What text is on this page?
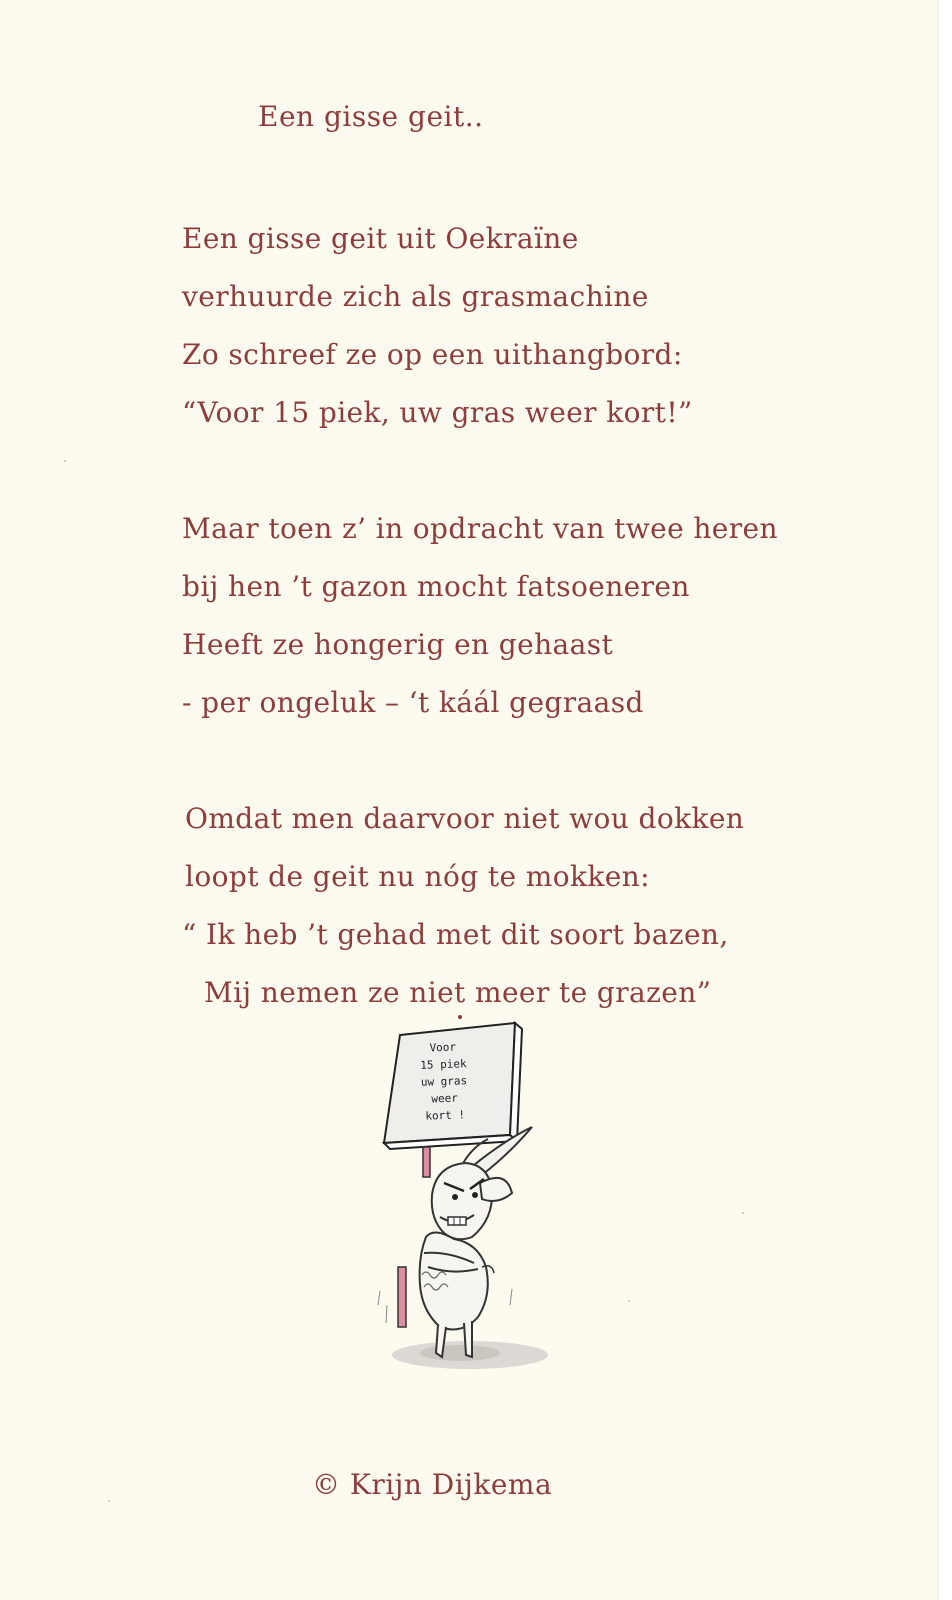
Een gisse geit..
Een gisse geit uit Oekraïne
verhuurde zich als grasmachine
Zo schreef ze op een uithangbord:
“Voor 15 piek, uw gras weer kort!”
Maar toen z’ in opdracht van twee heren
bij hen ’t gazon mocht fatsoeneren
Heeft ze hongerig en gehaast
- per ongeluk – ‘t káál gegraasd
Omdat men daarvoor niet wou dokken
loopt de geit nu nóg te mokken:
“ Ik heb ’t gehad met dit soort bazen,
Mij nemen ze niet meer te grazen”
Voor
15 piek
uw gras
weer
kort !
© Krijn Dijkema
